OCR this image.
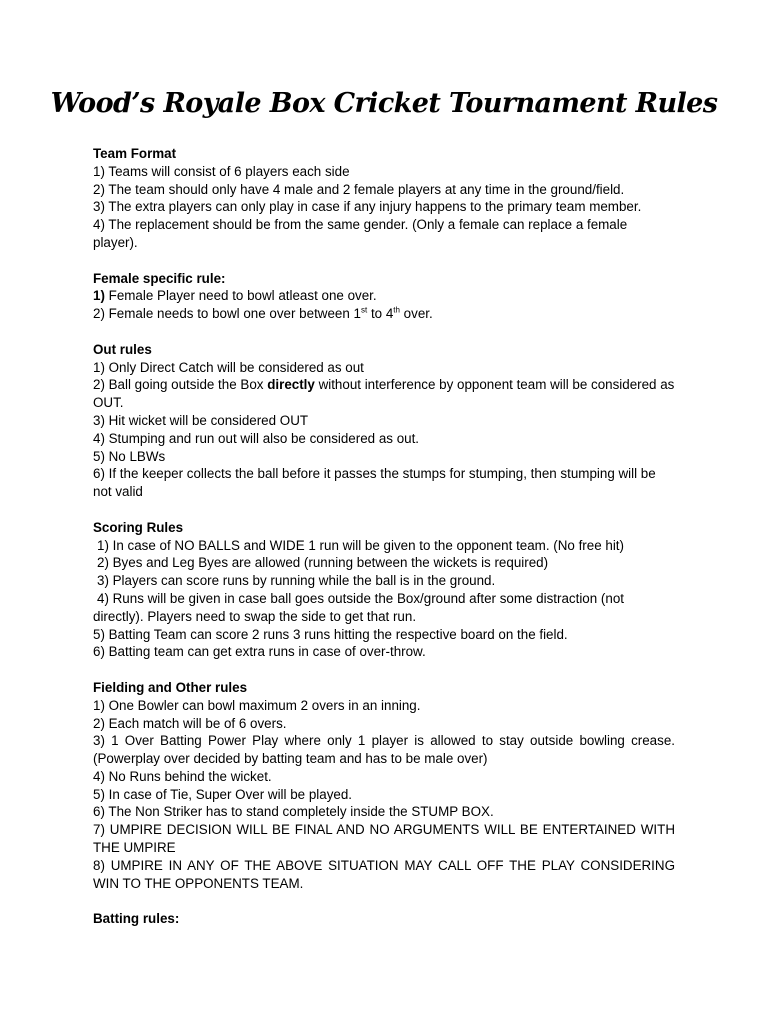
Wood’s Royale Box Cricket Tournament Rules

Team Format

1) Teams will consist of 6 players each side

2) The team should only have 4 male and 2 female players at any time in the ground/field.

3) The extra players can only play in case if any injury happens to the primary team member.

4) The replacement should be from the same gender. (Only a female can replace a female player).

Female specific rule:

1) Female Player need to bowl atleast one over.

2) Female needs to bowl one over between 1st to 4th over.

Out rules

1) Only Direct Catch will be considered as out

2) Ball going outside the Box directly without interference by opponent team will be considered as OUT.

3) Hit wicket will be considered OUT

4) Stumping and run out will also be considered as out.

5) No LBWs

6) If the keeper collects the ball before it passes the stumps for stumping, then stumping will be not valid

Scoring Rules

1) In case of NO BALLS and WIDE 1 run will be given to the opponent team. (No free hit)

2) Byes and Leg Byes are allowed (running between the wickets is required)

3) Players can score runs by running while the ball is in the ground.

4) Runs will be given in case ball goes outside the Box/ground after some distraction (not directly). Players need to swap the side to get that run.

5) Batting Team can score 2 runs 3 runs hitting the respective board on the field.

6) Batting team can get extra runs in case of over-throw.

Fielding and Other rules

1) One Bowler can bowl maximum 2 overs in an inning.

2) Each match will be of 6 overs.

3) 1 Over Batting Power Play where only 1 player is allowed to stay outside bowling crease.(Powerplay over decided by batting team and has to be male over)

4) No Runs behind the wicket.

5) In case of Tie, Super Over will be played.

6) The Non Striker has to stand completely inside the STUMP BOX.

7) UMPIRE DECISION WILL BE FINAL AND NO ARGUMENTS WILL BE ENTERTAINED WITH THE UMPIRE

8) UMPIRE IN ANY OF THE ABOVE SITUATION MAY CALL OFF THE PLAY CONSIDERING WIN TO THE OPPONENTS TEAM.

Batting rules:
